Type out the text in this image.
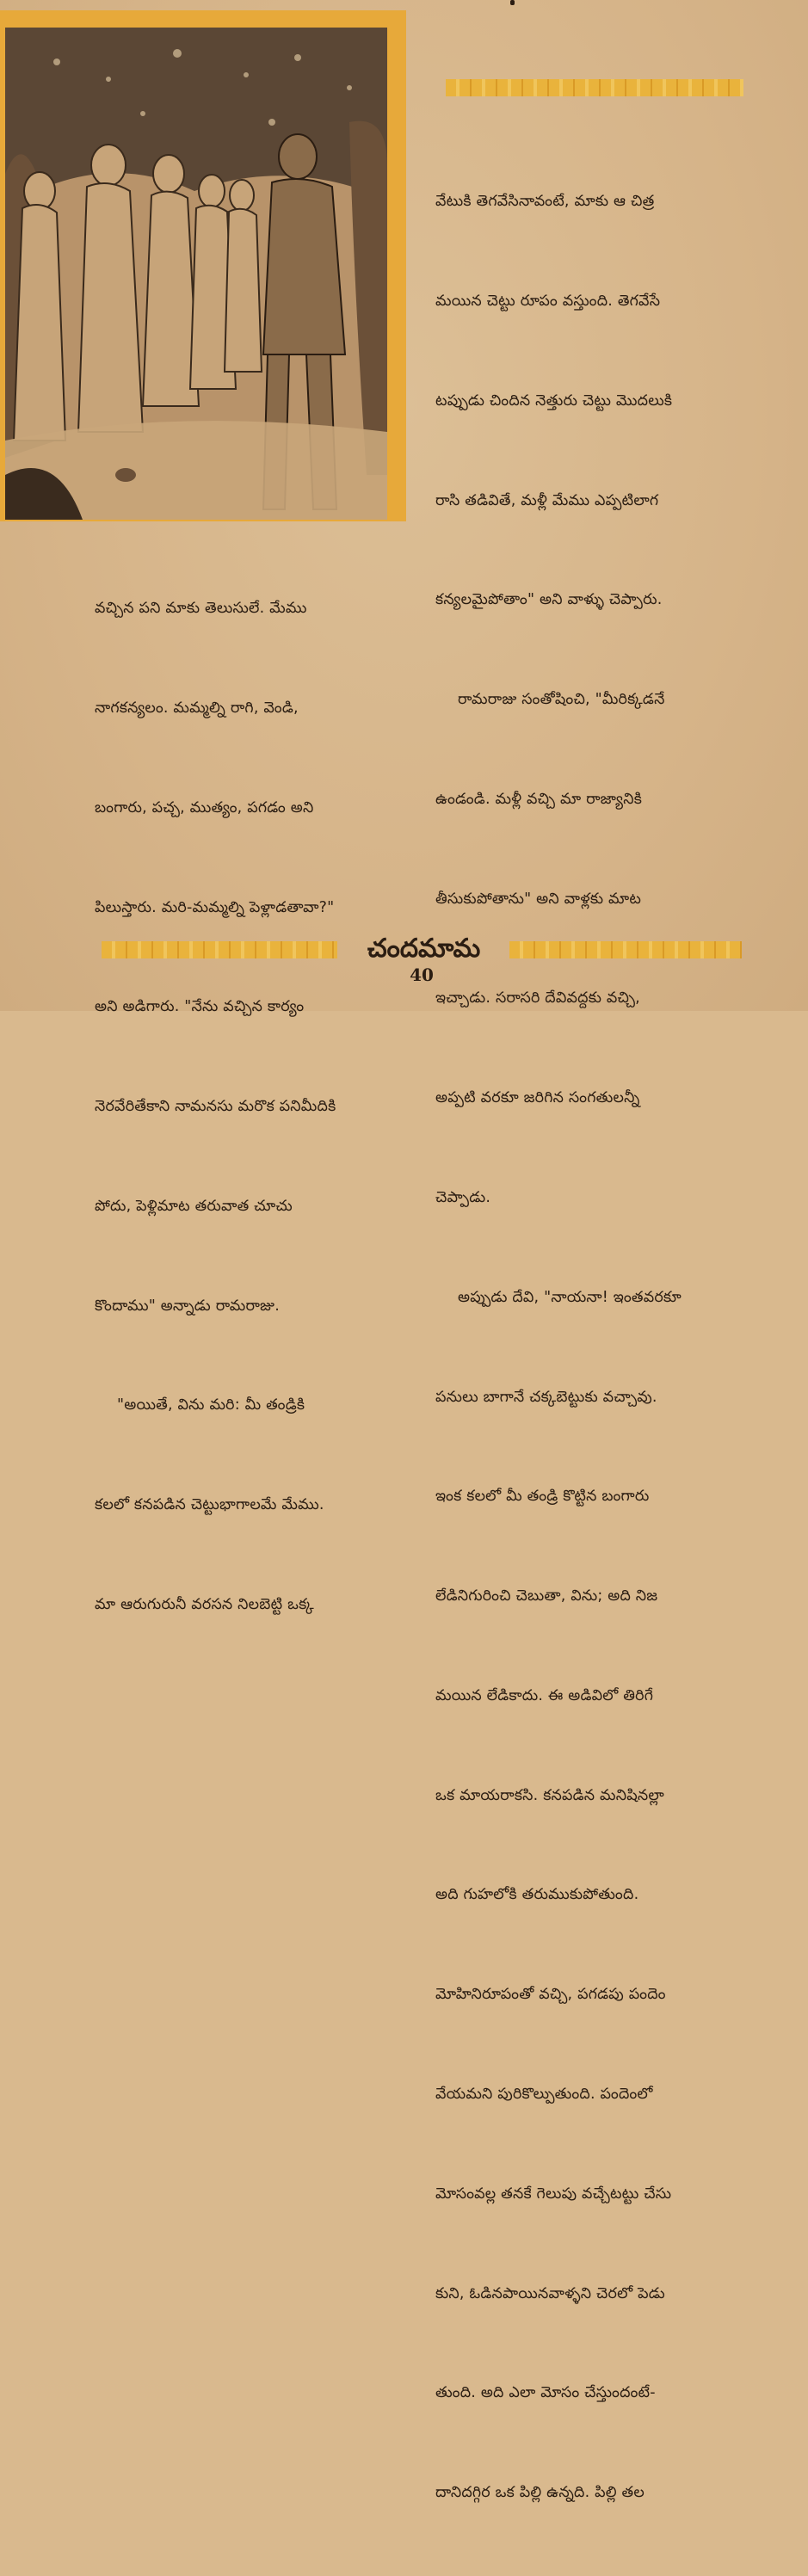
వేటుకి తెగవేసినావంటే, మాకు ఆ చిత్ర

మయిన చెట్టు రూపం వస్తుంది. తెగవేసే

టప్పుడు చిందిన నెత్తురు చెట్టు మొదలుకి

రాసి తడివితే, మళ్లీ మేము ఎప్పటిలాగ

కన్యలమైపోతాం" అని వాళ్ళు చెప్పారు.

రామరాజు సంతోషించి, "మీరిక్కడనే

ఉండండి. మళ్లీ వచ్చి మా రాజ్యానికి

తీసుకుపోతాను" అని వాళ్లకు మాట

ఇచ్చాడు. సరాసరి దేవివద్దకు వచ్చి,

అప్పటి వరకూ జరిగిన సంగతులన్నీ

చెప్పాడు.

అప్పుడు దేవి, "నాయనా! ఇంతవరకూ

పనులు బాగానే చక్కబెట్టుకు వచ్చావు.

ఇంక కలలో మీ తండ్రి కొట్టిన బంగారు

లేడినిగురించి చెబుతా, విను; అది నిజ

మయిన లేడికాదు. ఈ అడివిలో తిరిగే

ఒక మాయరాకసి. కనపడిన మనిషినల్లా

అది గుహలోకి తరుముకుపోతుంది.

మోహినిరూపంతో వచ్చి, పగడపు పందెం

వేయమని పురికొల్పుతుంది. పందెంలో

మోసంవల్ల తనకే గెలుపు వచ్చేటట్టు చేసు

కుని, ఓడినపాయినవాళ్ళని చెరలో పెడు

తుంది. అది ఎలా మోసం చేస్తుందంటే-

దానిదగ్గిర ఒక పిల్లి ఉన్నది. పిల్లి తల

వచ్చిన పని మాకు తెలుసులే. మేము

నాగకన్యలం. మమ్మల్ని రాగి, వెండి,

బంగారు, పచ్చ, ముత్యం, పగడం అని

పిలుస్తారు. మరి-మమ్మల్ని పెళ్లాడతావా?"

అని అడిగారు. "నేను వచ్చిన కార్యం

నెరవేరితేకాని నామనసు మరొక పనిమీదికి

పోదు, పెళ్లిమాట తరువాత చూచు

కొందాము" అన్నాడు రామరాజు.

"అయితే, విను మరి: మీ తండ్రికి

కలలో కనపడిన చెట్టుభాగాలమే మేము.

మా ఆరుగురునీ వరసన నిలబెట్టి ఒక్క

చందమామ
40
